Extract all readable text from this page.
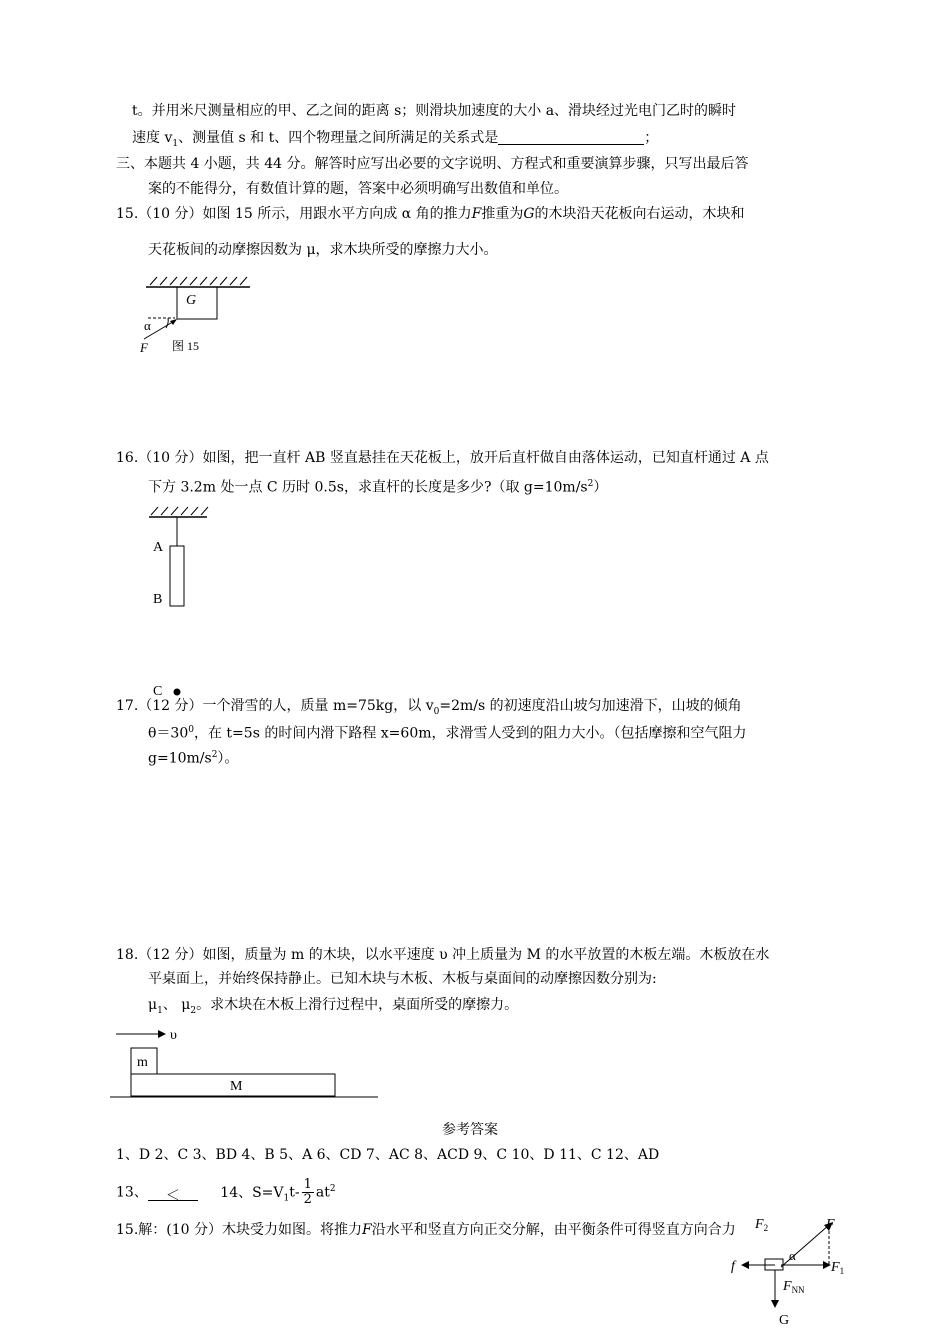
t。并用米尺测量相应的甲、乙之间的距离 s；则滑块加速度的大小 a、滑块经过光电门乙时的瞬时
速度 $v_1$、测量值 s 和 t、四个物理量之间所满足的关系式是	；
三、本题共 4 小题，共 44 分。解答时应写出必要的文字说明、方程式和重要演算步骤，只写出最后答
案的不能得分，有数值计算的题，答案中必须明确写出数值和单位。
15.（10 分）如图 15 所示，用跟水平方向成 α 角的推力F推重为G的木块沿天花板向右运动，木块和
天花板间的动摩擦因数为 μ，求木块所受的摩擦力大小。
G
α
F 图 15
16.（10 分）如图，把一直杆 AB 竖直悬挂在天花板上，放开后直杆做自由落体运动，已知直杆通过 A 点
下方 3.2m 处一点 C 历时 0.5s，求直杆的长度是多少?（取 $g=10m/s^2$）
A
B
C
17.（12 分）一个滑雪的人，质量 m=75kg，以 $v_0=2m/s$ 的初速度沿山坡匀加速滑下，山坡的倾角
$\theta=30^0$，在 t=5s 的时间内滑下路程 x=60m，求滑雪人受到的阻力大小。（包括摩擦和空气阻力
$g=10m/s^2$）。
18.（12 分）如图，质量为 m 的木块，以水平速度 υ 冲上质量为 M 的水平放置的木板左端。木板放在水
平桌面上，并始终保持静止。已知木块与木板、木板与桌面间的动摩擦因数分别为:
$\mu_1$、 $\mu_2$。求木块在木板上滑行过程中，桌面所受的摩擦力。
υ
m
M
参考答案
1、D 2、C 3、BD 4、B 5、A 6、CD 7、AC 8、ACD 9、C 10、D 11、C 12、AD
13、 ＜	14、$S=V_1t- \frac{1}{2} at^2$
15.解：(10 分）木块受力如图。将推力F沿水平和竖直方向正交分解，由平衡条件可得竖直方向合力	F
$F_1$
$F_2$
f
$F_{NN}$
α
G
